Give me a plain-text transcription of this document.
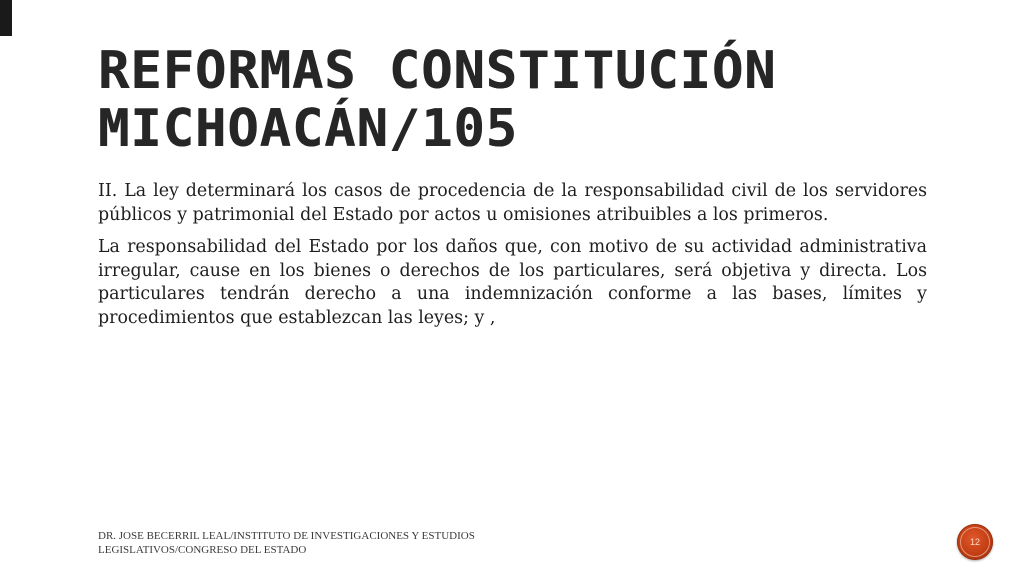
REFORMAS CONSTITUCIÓN MICHOACÁN/105

II. La ley determinará los casos de procedencia de la responsabilidad civil de los servidores públicos y patrimonial del Estado por actos u omisiones atribuibles a los primeros.

La responsabilidad del Estado por los daños que, con motivo de su actividad administrativa irregular, cause en los bienes o derechos de los particulares, será objetiva y directa. Los particulares tendrán derecho a una indemnización conforme a las bases, límites y procedimientos que establezcan las leyes; y ,

DR. JOSE BECERRIL LEAL/INSTITUTO DE INVESTIGACIONES Y ESTUDIOS LEGISLATIVOS/CONGRESO DEL ESTADO
12
